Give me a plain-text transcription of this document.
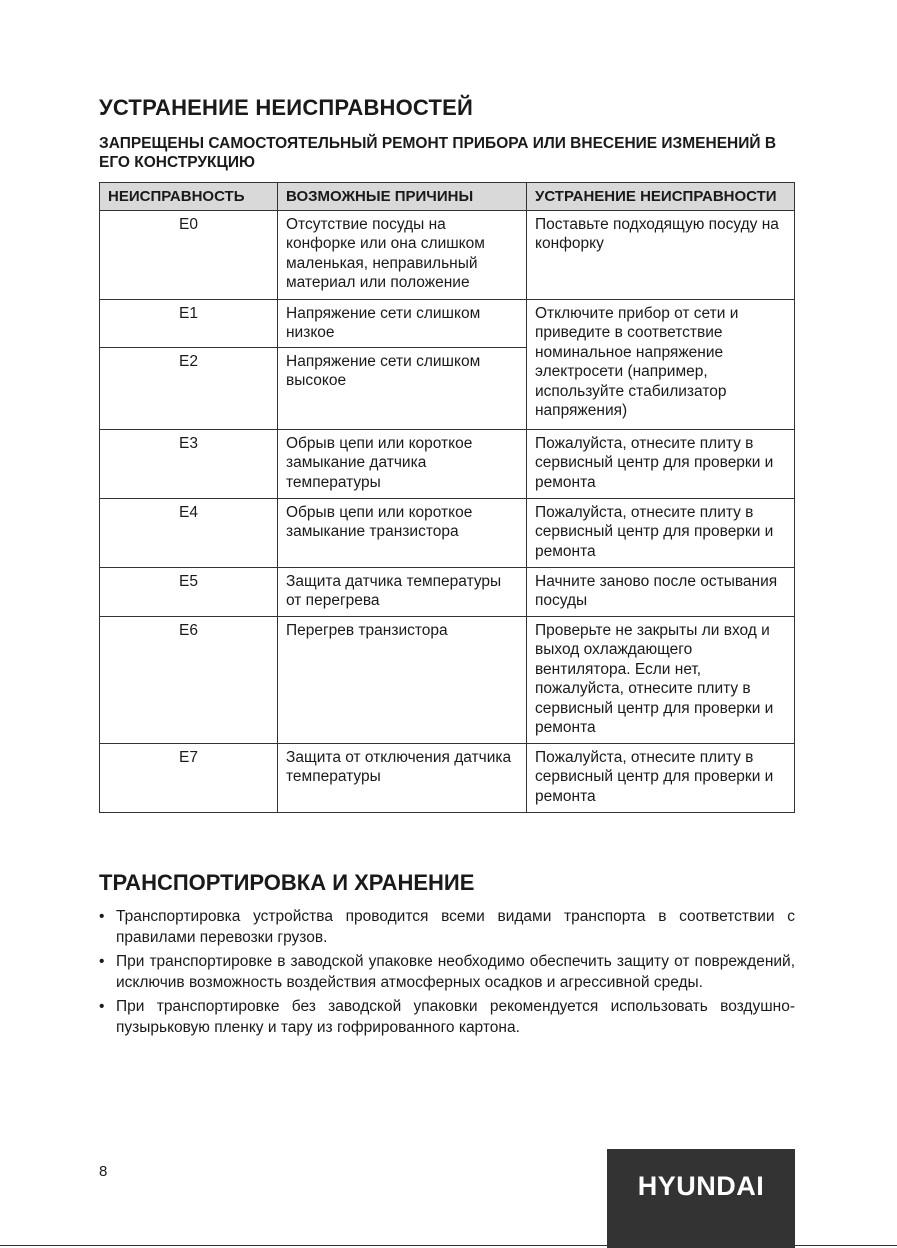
УСТРАНЕНИЕ НЕИСПРАВНОСТЕЙ

ЗАПРЕЩЕНЫ САМОСТОЯТЕЛЬНЫЙ РЕМОНТ ПРИБОРА ИЛИ ВНЕСЕНИЕ ИЗМЕНЕНИЙ В ЕГО КОНСТРУКЦИЮ

НЕИСПРАВНОСТЬ	ВОЗМОЖНЫЕ ПРИЧИНЫ	УСТРАНЕНИЕ НЕИСПРАВНОСТИ
E0	Отсутствие посуды на конфорке или она слишком маленькая, неправильный материал или положение	Поставьте подходящую посуду на конфорку
E1	Напряжение сети слишком низкое	Отключите прибор от сети и приведите в соответствие номинальное напряжение электросети (например, используйте стабилизатор напряжения)
E2	Напряжение сети слишком высокое	
E3	Обрыв цепи или короткое замыкание датчика температуры	Пожалуйста, отнесите плиту в сервисный центр для проверки и ремонта
E4	Обрыв цепи или короткое замыкание транзистора	Пожалуйста, отнесите плиту в сервисный центр для проверки и ремонта
E5	Защита датчика температуры от перегрева	Начните заново после остывания посуды
E6	Перегрев транзистора	Проверьте не закрыты ли вход и выход охлаждающего вентилятора. Если нет, пожалуйста, отнесите плиту в сервисный центр для проверки и ремонта
E7	Защита от отключения датчика температуры	Пожалуйста, отнесите плиту в сервисный центр для проверки и ремонта
ТРАНСПОРТИРОВКА И ХРАНЕНИЕ
• Транспортировка устройства проводится всеми видами транспорта в соответствии с правилами перевозки грузов.
• При транспортировке в заводской упаковке необходимо обеспечить защиту от повреждений, исключив возможность воздействия атмосферных осадков и агрессивной среды.
• При транспортировке без заводской упаковки рекомендуется использовать воздушно-пузырьковую пленку и тару из гофрированного картона.
8	HYUNDAI
